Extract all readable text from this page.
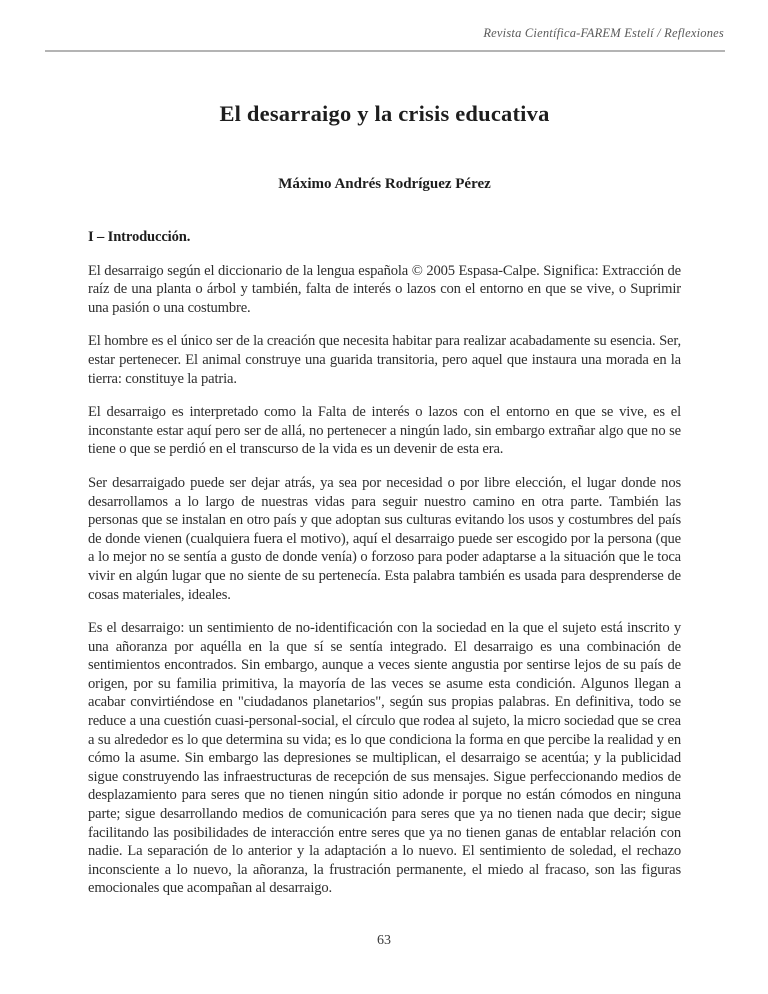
Revista Científica-FAREM Estelí / Reflexiones
El desarraigo y la crisis educativa
Máximo Andrés Rodríguez Pérez

I – Introducción.

El desarraigo según el diccionario de la lengua española © 2005 Espasa-Calpe. Significa: Extracción de raíz de una planta o árbol y también, falta de interés o lazos con el entorno en que se vive, o Suprimir una pasión o una costumbre.

El hombre es el único ser de la creación que necesita habitar para realizar acabadamente su esencia. Ser, estar pertenecer. El animal construye una guarida transitoria, pero aquel que instaura una morada en la tierra: constituye la patria.

El desarraigo es interpretado como la Falta de interés o lazos con el entorno en que se vive, es el inconstante estar aquí pero ser de allá, no pertenecer a ningún lado, sin embargo extrañar algo que no se tiene o que se perdió en el transcurso de la vida es un devenir de esta era.

Ser desarraigado puede ser dejar atrás, ya sea por necesidad o por libre elección, el lugar donde nos desarrollamos a lo largo de nuestras vidas para seguir nuestro camino en otra parte. También las personas que se instalan en otro país y que adoptan sus culturas evitando los usos y costumbres del país de donde vienen (cualquiera fuera el motivo), aquí el desarraigo puede ser escogido por la persona (que a lo mejor no se sentía a gusto de donde venía) o forzoso para poder adaptarse a la situación que le toca vivir en algún lugar que no siente de su pertenecía. Esta palabra también es usada para desprenderse de cosas materiales, ideales.

Es el desarraigo: un sentimiento de no-identificación con la sociedad en la que el sujeto está inscrito y una añoranza por aquélla en la que sí se sentía integrado. El desarraigo es una combinación de sentimientos encontrados. Sin embargo, aunque a veces siente angustia por sentirse lejos de su país de origen, por su familia primitiva, la mayoría de las veces se asume esta condición. Algunos llegan a acabar convirtiéndose en "ciudadanos planetarios", según sus propias palabras. En definitiva, todo se reduce a una cuestión cuasi-personal-social, el círculo que rodea al sujeto, la micro sociedad que se crea a su alrededor es lo que determina su vida; es lo que condiciona la forma en que percibe la realidad y en cómo la asume. Sin embargo las depresiones se multiplican, el desarraigo se acentúa; y la publicidad sigue construyendo las infraestructuras de recepción de sus mensajes. Sigue perfeccionando medios de desplazamiento para seres que no tienen ningún sitio adonde ir porque no están cómodos en ninguna parte; sigue desarrollando medios de comunicación para seres que ya no tienen nada que decir; sigue facilitando las posibilidades de interacción entre seres que ya no tienen ganas de entablar relación con nadie. La separación de lo anterior y la adaptación a lo nuevo. El sentimiento de soledad, el rechazo inconsciente a lo nuevo, la añoranza, la frustración permanente, el miedo al fracaso, son las figuras emocionales que acompañan al desarraigo.

63
